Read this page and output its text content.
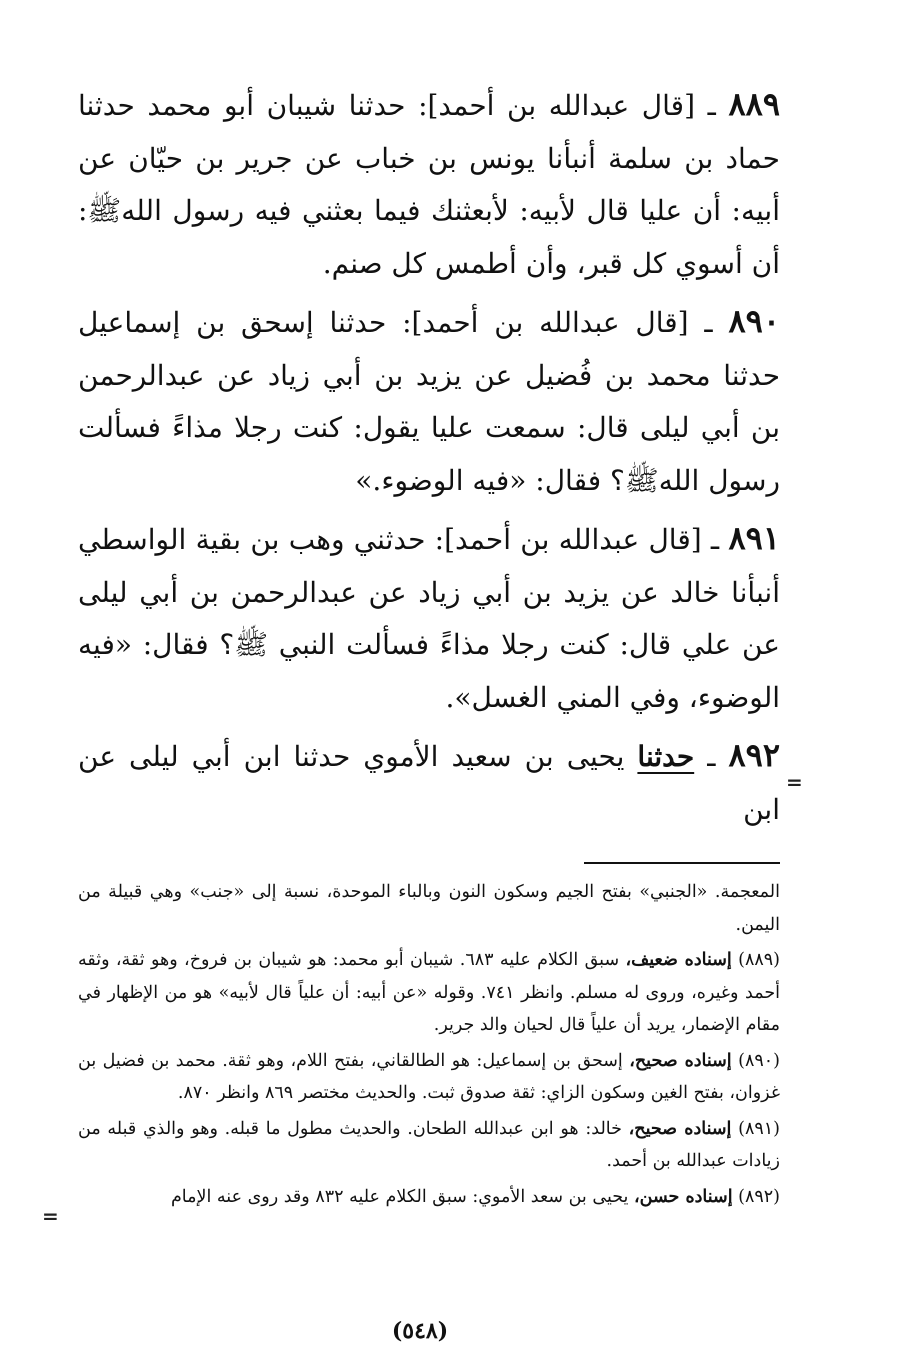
٨٨٩ ـ [قال عبدالله بن أحمد]: حدثنا شيبان أبو محمد حدثنا حماد بن سلمة أنبأنا يونس بن خباب عن جرير بن حيّان عن أبيه: أن عليا قال لأبيه: لأبعثنك فيما بعثني فيه رسول اللهﷺ: أن أسوي كل قبر، وأن أطمس كل صنم.

٨٩٠ ـ [قال عبدالله بن أحمد]: حدثنا إسحق بن إسماعيل حدثنا محمد بن فُضيل عن يزيد بن أبي زياد عن عبدالرحمن بن أبي ليلى قال: سمعت عليا يقول: كنت رجلا مذاءً فسألت رسول اللهﷺ؟ فقال: «فيه الوضوء.»

٨٩١ ـ [قال عبدالله بن أحمد]: حدثني وهب بن بقية الواسطي أنبأنا خالد عن يزيد بن أبي زياد عن عبدالرحمن بن أبي ليلى عن علي قال: كنت رجلا مذاءً فسألت النبي ﷺ؟ فقال: «فيه الوضوء، وفي المني الغسل».

٨٩٢ ـ حدثنا يحيى بن سعيد الأموي حدثنا ابن أبي ليلى عن ابن

المعجمة. «الجنبي» بفتح الجيم وسكون النون وبالباء الموحدة، نسبة إلى «جنب» وهي قبيلة من اليمن.

(٨٨٩) إسناده ضعيف، سبق الكلام عليه ٦٨٣. شيبان أبو محمد: هو شيبان بن فروخ، وهو ثقة، وثقه أحمد وغيره، وروى له مسلم. وانظر ٧٤١. وقوله «عن أبيه: أن علياً قال لأبيه» هو من الإظهار في مقام الإضمار، يريد أن علياً قال لحيان والد جرير.

(٨٩٠) إسناده صحيح، إسحق بن إسماعيل: هو الطالقاني، بفتح اللام، وهو ثقة. محمد بن فضيل بن غزوان، بفتح الغين وسكون الزاي: ثقة صدوق ثبت. والحديث مختصر ٨٦٩ وانظر ٨٧٠.

(٨٩١) إسناده صحيح، خالد: هو ابن عبدالله الطحان. والحديث مطول ما قبله. وهو والذي قبله من زيادات عبدالله بن أحمد.

(٨٩٢) إسناده حسن، يحيى بن سعد الأموي: سبق الكلام عليه ٨٣٢ وقد روى عنه الإمام

=
=
(٥٤٨)
